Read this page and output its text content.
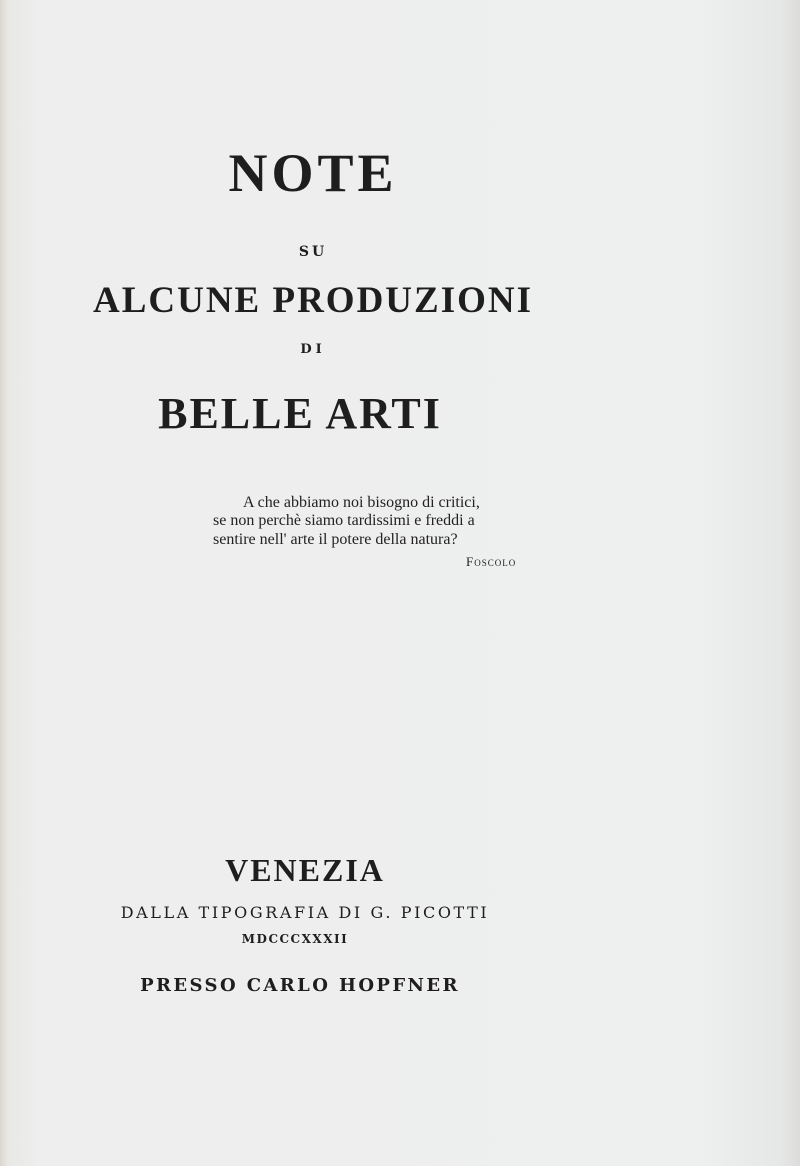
NOTE
SU
ALCUNE PRODUZIONI
DI
BELLE ARTI
A che abbiamo noi bisogno di critici,
se non perchè siamo tardissimi e freddi a
sentire nell' arte il potere della natura?
Foscolo
VENEZIA
DALLA TIPOGRAFIA DI G. PICOTTI
MDCCCXXXII
PRESSO CARLO HOPFNER
